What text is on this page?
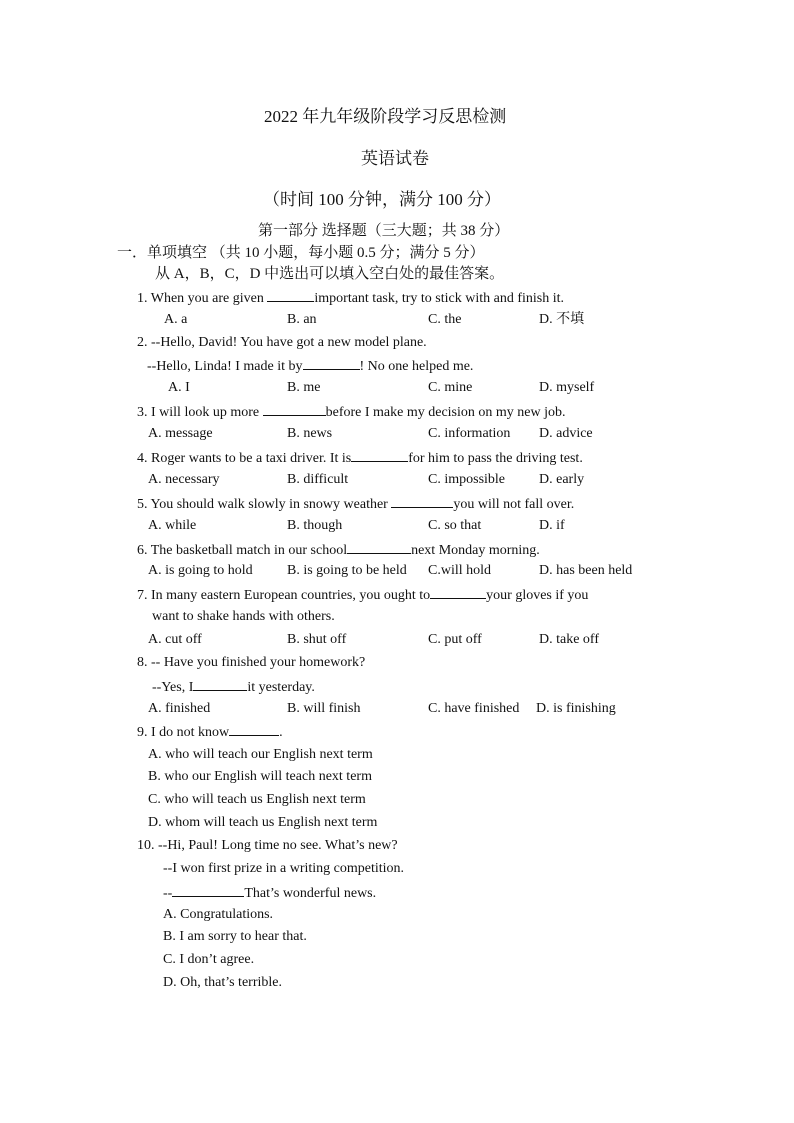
2022 年九年级阶段学习反思检测
英语试卷
（时间 100 分钟，满分 100 分）
第一部分 选择题（三大题；共 38 分）
一．单项填空 （共 10 小题，每小题 0.5 分；满分 5 分）
从 A，B，C，D 中选出可以填入空白处的最佳答案。
1. When you are given	important task, try to stick with and finish it.
A. a	B. an	C. the	D. 不填
2. --Hello, David! You have got a new model plane.
--Hello, Linda! I made it by	! No one helped me.
A. I	B. me	C. mine	D. myself
3. I will look up more	before I make my decision on my new job.
A. message	B. news	C. information D. advice
4. Roger wants to be a taxi driver. It is	for him to pass the driving test.
A. necessary	B. difficult	C. impossible D. early
5. You should walk slowly in snowy weather	you will not fall over.
A. while	B. though	C. so that	D. if
6. The basketball match in our school	next Monday morning.
A. is going to hold B. is going to be held C.will hold	D. has been held
7. In many eastern European countries, you ought to	your gloves if you
want to shake hands with others.
A. cut off	B. shut off	C. put off	D. take off
8. -- Have you finished your homework?
--Yes, I	it yesterday.
A. finished	B. will finish	C. have finished D. is finishing
9. I do not know	.
A. who will teach our English next term
B. who our English will teach next term
C. who will teach us English next term
D. whom will teach us English next term
10. --Hi, Paul! Long time no see. What’s new?
--I won first prize in a writing competition.
--	That’s wonderful news.
A. Congratulations.
B. I am sorry to hear that.
C. I don’t agree.
D. Oh, that’s terrible.
